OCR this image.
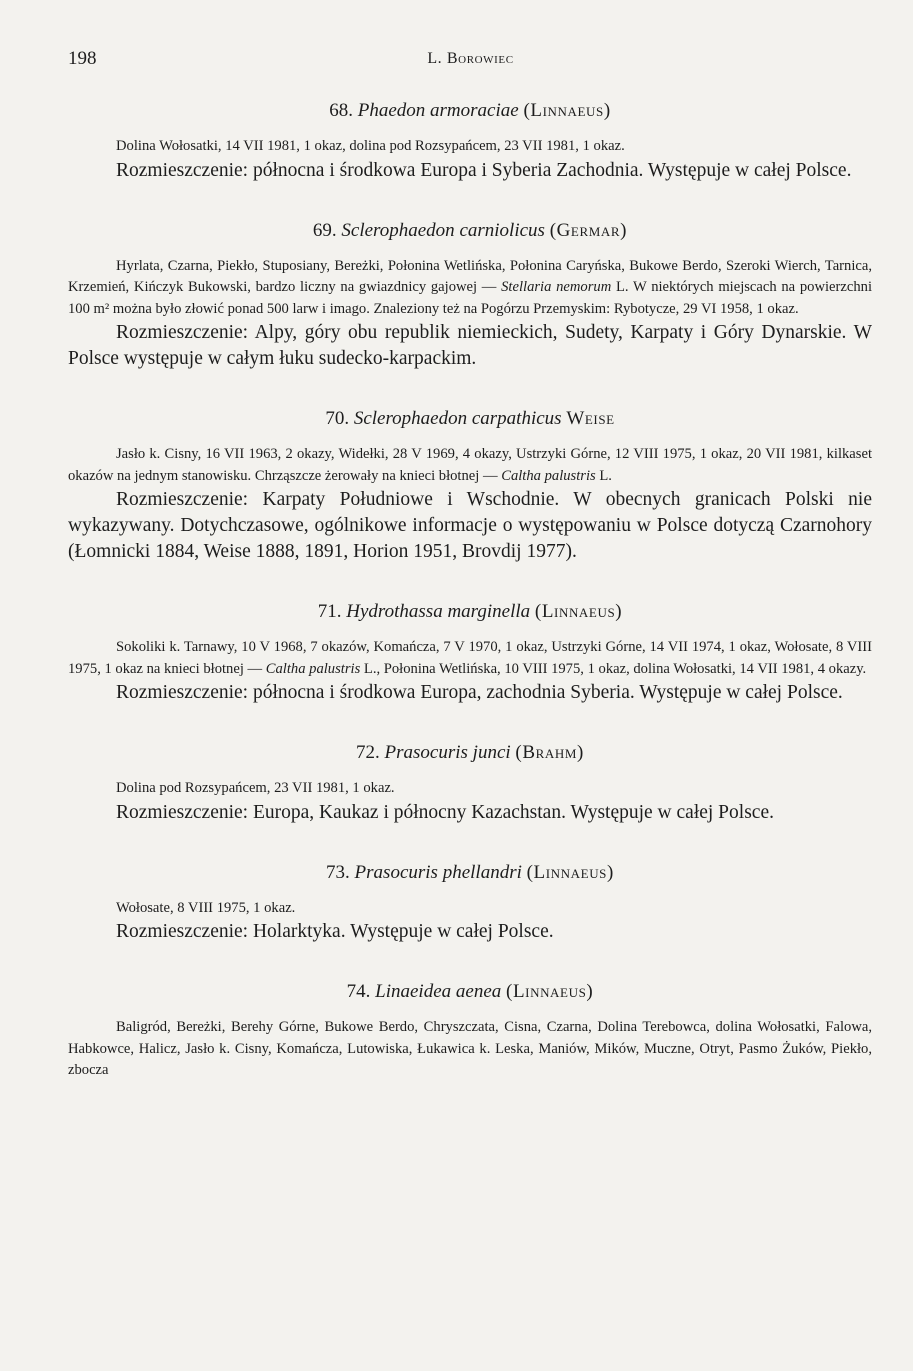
198	L. Borowiec
68. Phaedon armoraciae (Linnaeus)

Dolina Wołosatki, 14 VII 1981, 1 okaz, dolina pod Rozsypańcem, 23 VII 1981, 1 okaz.

Rozmieszczenie: północna i środkowa Europa i Syberia Zachodnia. Występuje w całej Polsce.

69. Sclerophaedon carniolicus (Germar)

Hyrlata, Czarna, Piekło, Stuposiany, Bereżki, Połonina Wetlińska, Połonina Caryńska, Bukowe Berdo, Szeroki Wierch, Tarnica, Krzemień, Kińczyk Bukowski, bardzo liczny na gwiazdnicy gajowej — Stellaria nemorum L. W niektórych miejscach na powierzchni 100 m² można było złowić ponad 500 larw i imago. Znaleziony też na Pogórzu Przemyskim: Rybotycze, 29 VI 1958, 1 okaz.

Rozmieszczenie: Alpy, góry obu republik niemieckich, Sudety, Karpaty i Góry Dynarskie. W Polsce występuje w całym łuku sudecko-karpackim.

70. Sclerophaedon carpathicus Weise

Jasło k. Cisny, 16 VII 1963, 2 okazy, Widełki, 28 V 1969, 4 okazy, Ustrzyki Górne, 12 VIII 1975, 1 okaz, 20 VII 1981, kilkaset okazów na jednym stanowisku. Chrząszcze żerowały na knieci błotnej — Caltha palustris L.

Rozmieszczenie: Karpaty Południowe i Wschodnie. W obecnych granicach Polski nie wykazywany. Dotychczasowe, ogólnikowe informacje o występowaniu w Polsce dotyczą Czarnohory (Łomnicki 1884, Weise 1888, 1891, Horion 1951, Brovdij 1977).

71. Hydrothassa marginella (Linnaeus)

Sokoliki k. Tarnawy, 10 V 1968, 7 okazów, Komańcza, 7 V 1970, 1 okaz, Ustrzyki Górne, 14 VII 1974, 1 okaz, Wołosate, 8 VIII 1975, 1 okaz na knieci błotnej — Caltha palustris L., Połonina Wetlińska, 10 VIII 1975, 1 okaz, dolina Wołosatki, 14 VII 1981, 4 okazy.

Rozmieszczenie: północna i środkowa Europa, zachodnia Syberia. Występuje w całej Polsce.

72. Prasocuris junci (Brahm)

Dolina pod Rozsypańcem, 23 VII 1981, 1 okaz.

Rozmieszczenie: Europa, Kaukaz i północny Kazachstan. Występuje w całej Polsce.

73. Prasocuris phellandri (Linnaeus)

Wołosate, 8 VIII 1975, 1 okaz.

Rozmieszczenie: Holarktyka. Występuje w całej Polsce.

74. Linaeidea aenea (Linnaeus)

Baligród, Bereżki, Berehy Górne, Bukowe Berdo, Chryszczata, Cisna, Czarna, Dolina Terebowca, dolina Wołosatki, Falowa, Habkowce, Halicz, Jasło k. Cisny, Komańcza, Lutowiska, Łukawica k. Leska, Maniów, Mików, Muczne, Otryt, Pasmo Żuków, Piekło, zbocza
